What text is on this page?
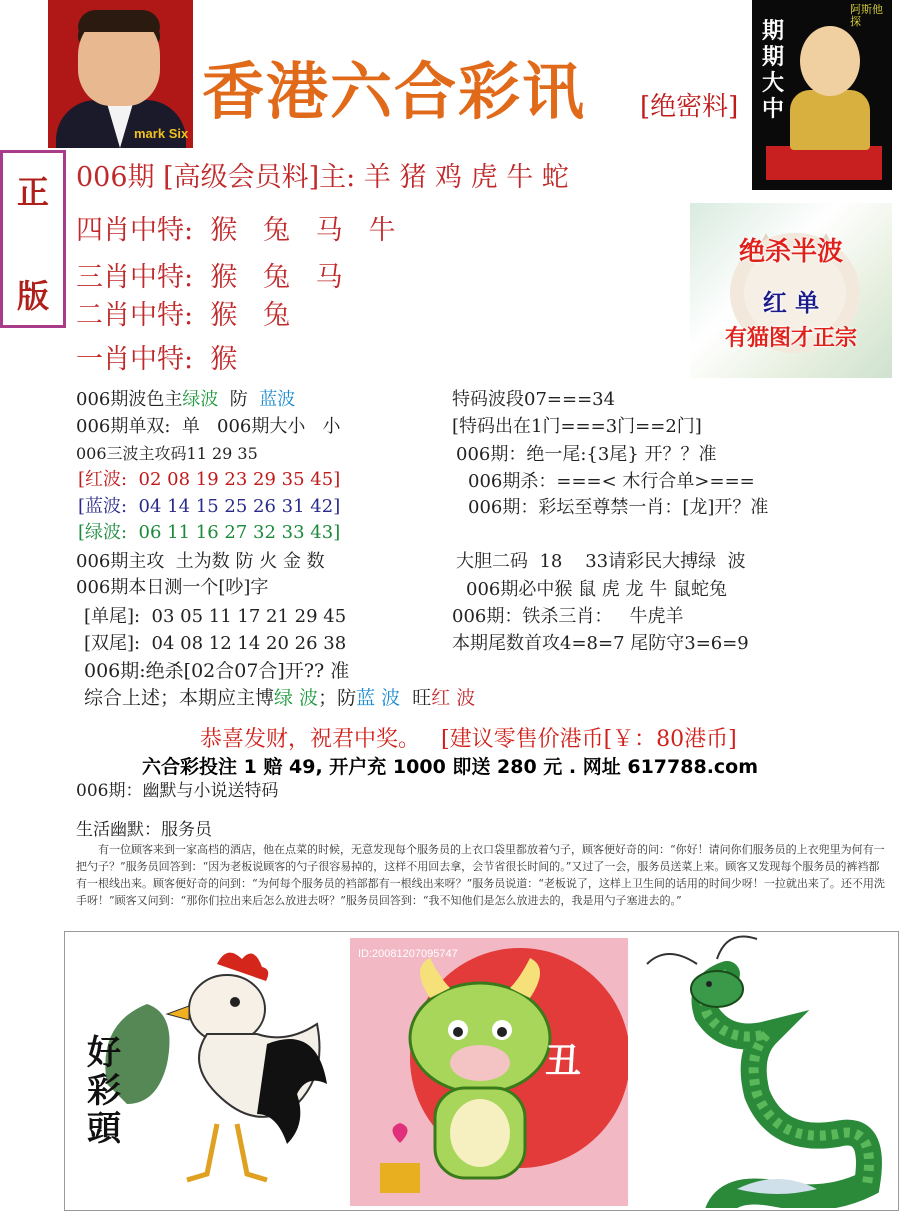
mark Six
香港六合彩讯 [绝密料]
期期大中
阿斯他探
正
版
006期 [高级会员料]主: 羊 猪 鸡 虎 牛 蛇
四肖中特:  猴   兔   马   牛
三肖中特:  猴   兔   马
二肖中特:  猴   兔
一肖中特:  猴
绝杀半波
红 单
有猫图才正宗
006期波色主绿波  防  蓝波
006期单双:  单   006期大小   小
006三波主攻码11 29 35
[红波:  02 08 19 23 29 35 45]
[蓝波:  04 14 15 25 26 31 42]
[绿波:  06 11 16 27 32 33 43]
006期主攻  土为数 防 火 金 数
006期本日测一个[吵]字
[单尾]:  03 05 11 17 21 29 45
[双尾]:  04 08 12 14 20 26 38
006期:绝杀[02合07合]开?? 准
综合上述；本期应主博绿 波；防蓝 波  旺红 波
特码波段07===34
[特码出在1门===3门==2门]
006期：绝一尾:{3尾} 开？？准
006期杀：===< 木行合单>===
006期：彩坛至尊禁一肖：[龙]开？准
大胆二码  18    33请彩民大搏绿  波
006期必中猴 鼠 虎 龙 牛 鼠蛇兔
006期：铁杀三肖：   牛虎羊
本期尾数首攻4=8=7 尾防守3=6=9
恭喜发财，祝君中奖。   [建议零售价港币[￥：80港币]
六合彩投注 1 赔 49, 开户充 1000 即送 280 元 . 网址 617788.com
006期：幽默与小说送特码
生活幽默：服务员
有一位顾客来到一家高档的酒店，他在点菜的时候，无意发现每个服务员的上衣口袋里都放着勺子，顾客便好奇的问：“你好！请问你们服务员的上衣兜里为何有一把勺子？”服务员回答到：“因为老板说顾客的勺子很容易掉的，这样不用回去拿，会节省很长时间的。”又过了一会，服务员送菜上来。顾客又发现每个服务员的裤裆都有一根线出来。顾客便好奇的问到：“为何每个服务员的裆部都有一根线出来呀？”服务员说道：“老板说了，这样上卫生间的话用的时间少呀！一拉就出来了。还不用洗手呀！”顾客又问到：“那你们拉出来后怎么放进去呀？”服务员回答到：“我不知他们是怎么放进去的，我是用勺子塞进去的。”
好彩頭
ID:20081207095747
丑
